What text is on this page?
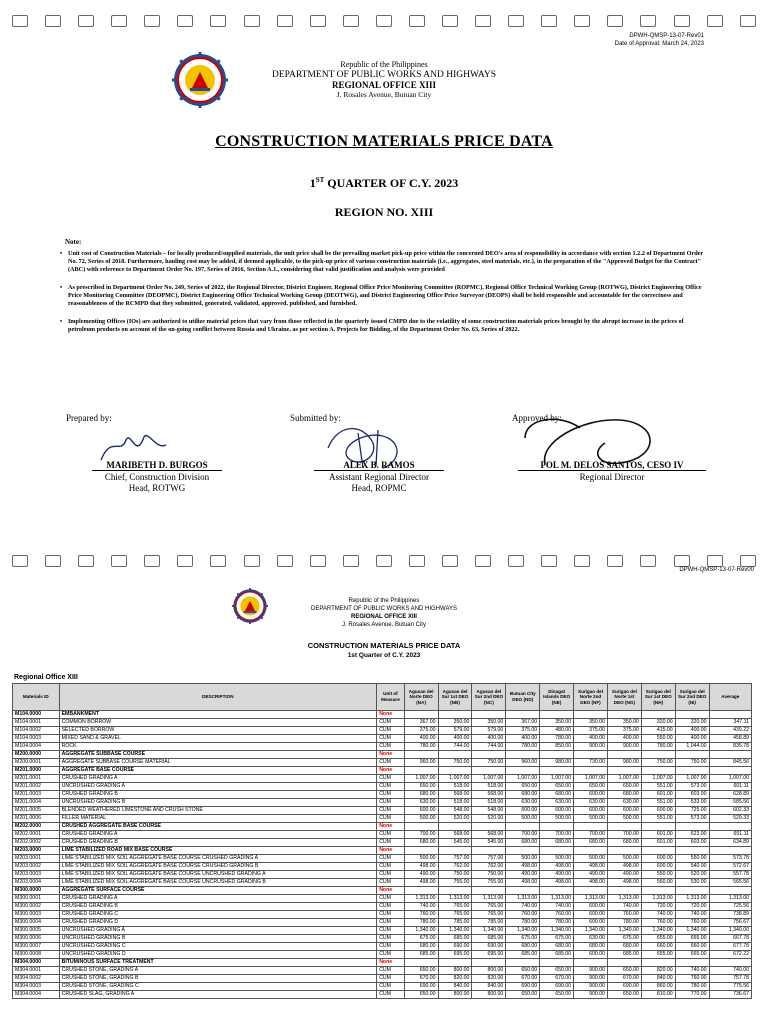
DPWH-QMSP-13-07-Rev01
Date of Approval: March 24, 2023
Republic of the Philippines
DEPARTMENT OF PUBLIC WORKS AND HIGHWAYS
REGIONAL OFFICE XIII
J. Rosales Avenue, Butuan City
CONSTRUCTION MATERIALS PRICE DATA
1ST QUARTER OF C.Y. 2023
REGION NO. XIII
Note:
• Unit cost of Construction Materials – for locally produced/supplied materials, the unit price shall be the prevailing market pick-up price within the concerned DEO's area of responsibility in accordance with section 1.2.2 of Department Order No. 72, Series of 2018. Furthermore, hauling cost may be added, if deemed applicable, to the pick-up price of various construction materials (i.e., aggregates, steel materials, etc.), in the preparation of the "Approved Budget for the Contract" (ABC) with reference to Department Order No. 197, Series of 2016, Section A.1., considering that valid justification and analysis were provided
• As prescribed in Department Order No. 249, Series of 2022, the Regional Director, District Engineer, Regional Office Price Monitoring Committee (ROPMC), Regional Office Technical Working Group (ROTWG), District Engineering Office Price Monitoring Committee (DEOPMC), District Engineering Office Technical Working Group (DEOTWG), and District Engineering Office Price Surveyor (DEOPS) shall be held responsible and accountable for the correctness and reasonableness of the RCMPD that they submitted, generated, validated, approved, published, and furnished.
• Implementing Offices (IOs) are authorized to utilize material prices that vary from those reflected in the quarterly issued CMPD due to the volatility of some construction materials prices brought by the abrupt increase in the prices of petroleum products on account of the on-going conflict between Russia and Ukraine, as per section A. Projects for Bidding, of the Department Order No. 63, Series of 2022.
Prepared by:	Submitted by:	Approved by:
MARIBETH D. BURGOS
Chief, Construction Division
Head, ROTWG
ALEX B. RAMOS
Assistant Regional Director
Head, ROPMC
POL M. DELOS SANTOS, CESO IV
Regional Director
DPWH-QMSP-13-07-Rev00
Republic of the Philippines
DEPARTMENT OF PUBLIC WORKS AND HIGHWAYS
REGIONAL OFFICE XIII
J. Rosales Avenue, Butuan City
CONSTRUCTION MATERIALS PRICE DATA
1st Quarter of C.Y. 2023
Regional Office XIII
Materials ID	DESCRIPTION	Unit of Measure	Agusan del Norte DEO (NA)	Agusan del Sur 1st DEO (NB)	Agusan del Sur 2nd DEO (NC)	Butuan City DEO (ND)	Dinagat Islands DEO (NE)	Surigao del Norte 2nd DEO (NF)	Surigao del Norte 1st DEO (NG)	Surigao del Sur 1st DEO (NH)	Surigao del Sur 2nd DEO (NI)	Average
M104.0000	EMBANKMENT	None										
M104.0001	COMMON BORROW	CUM	367.00	350.00	350.00	367.00	350.00	350.00	350.00	320.00	320.00	347.11
M104.0002	SELECTED BORROW	CUM	375.00	579.00	579.00	375.00	480.00	375.00	375.00	415.00	400.00	439.22
M104.0003	MIXED SAND & GRAVEL	CUM	400.00	400.00	400.00	400.00	780.00	400.00	400.00	550.00	400.00	458.89
M104.0004	ROCK	CUM	780.00	744.00	744.00	780.00	850.00	900.00	900.00	780.00	1,044.00	835.78
M200.0000	AGGREGATE SUBBASE COURSE	None										
M200.0001	AGGREGATE SUBBASE COURSE MATERIAL	CUM	960.00	750.00	750.00	960.00	980.00	730.00	980.00	750.00	750.00	845.56
M201.0000	AGGREGATE BASE COURSE	None										
M201.0001	CRUSHED GRADING A	CUM	1,007.00	1,007.00	1,007.00	1,007.00	1,007.00	1,007.00	1,007.00	1,007.00	1,007.00	1,007.00
M201.0002	UNCRUSHED GRADING A	CUM	650.00	518.00	518.00	650.00	650.00	650.00	650.00	551.00	573.00	601.11
M201.0003	CRUSHED GRADING B	CUM	680.00	568.00	568.00	680.00	680.00	600.00	680.00	601.00	603.00	628.89
M201.0004	UNCRUSHED GRADING B	CUM	630.00	518.00	518.00	630.00	630.00	630.00	630.00	551.00	533.00	585.56
M201.0005	BLENDED WEATHERED LIMESTONE AND CRUSH STONE	CUM	600.00	548.00	548.00	600.00	600.00	600.00	600.00	600.00	725.00	602.33
M201.0006	FILLER MATERIAL	CUM	500.00	520.00	520.00	500.00	500.00	500.00	500.00	551.00	573.00	529.33
M202.0000	CRUSHED AGGREGATE BASE COURSE	None										
M202.0001	CRUSHED GRADING A	CUM	700.00	568.00	568.00	700.00	700.00	700.00	700.00	601.00	623.00	651.11
M202.0002	CRUSHED GRADING B	CUM	680.00	545.00	545.00	680.00	680.00	680.00	680.00	601.00	603.00	634.89
M203.0000	LIME STABILIZED ROAD MIX BASE COURSE	None										
M203.0001	LIME STABILIZED MIX SOIL AGGREGATE BASE COURSE CRUSHED GRADING A	CUM	500.00	757.00	757.00	500.00	500.00	500.00	500.00	600.00	550.00	573.78
M203.0002	LIME STABILIZED MIX SOIL AGGREGATE BASE COURSE CRUSHED GRADING B	CUM	498.00	762.00	762.00	498.00	498.00	498.00	498.00	600.00	540.00	572.67
M203.0003	LIME STABILIZED MIX SOIL AGGREGATE BASE COURSE UNCRUSHED GRADING A	CUM	490.00	750.00	750.00	490.00	490.00	490.00	490.00	550.00	520.00	557.78
M203.0004	LIME STABILIZED MIX SOIL AGGREGATE BASE COURSE UNCRUSHED GRADING B	CUM	498.00	755.00	755.00	498.00	498.00	498.00	498.00	560.00	530.00	565.56
M300.0000	AGGREGATE SURFACE COURSE	None										
M300.0001	CRUSHED GRADING A	CUM	1,313.00	1,313.00	1,313.00	1,313.00	1,313.00	1,313.00	1,313.00	1,313.00	1,313.00	1,313.00
M300.0002	CRUSHED GRADING B	CUM	740.00	765.00	765.00	740.00	740.00	600.00	740.00	720.00	720.00	725.56
M300.0003	CRUSHED GRADING C	CUM	760.00	765.00	765.00	760.00	760.00	600.00	760.00	740.00	740.00	738.89
M300.0004	CRUSHED GRADING D	CUM	780.00	785.00	785.00	780.00	780.00	600.00	780.00	760.00	760.00	756.67
M300.0005	UNCRUSHED GRADING A	CUM	1,340.00	1,340.00	1,340.00	1,340.00	1,340.00	1,340.00	1,340.00	1,340.00	1,340.00	1,340.00
M300.0006	UNCRUSHED GRADING B	CUM	675.00	685.00	685.00	675.00	675.00	630.00	675.00	655.00	655.00	667.78
M300.0007	UNCRUSHED GRADING C	CUM	680.00	690.00	690.00	680.00	680.00	680.00	680.00	660.00	660.00	677.78
M300.0008	UNCRUSHED GRADING D	CUM	685.00	695.00	695.00	685.00	685.00	600.00	685.00	655.00	665.00	672.22
M304.0000	BITUMINOUS SURFACE TREATMENT	None										
M304.0001	CRUSHED STONE, GRADING A	CUM	650.00	800.00	800.00	650.00	650.00	900.00	650.00	820.00	740.00	740.00
M304.0002	CRUSHED STONE, GRADING B	CUM	670.00	820.00	820.00	670.00	670.00	900.00	670.00	840.00	760.00	757.78
M304.0003	CRUSHED STONE, GRADING C	CUM	690.00	840.00	840.00	690.00	690.00	900.00	690.00	860.00	780.00	775.56
M304.0004	CRUSHED SLAG, GRADING A	CUM	650.00	800.00	800.00	650.00	650.00	900.00	650.00	810.00	770.00	736.67
